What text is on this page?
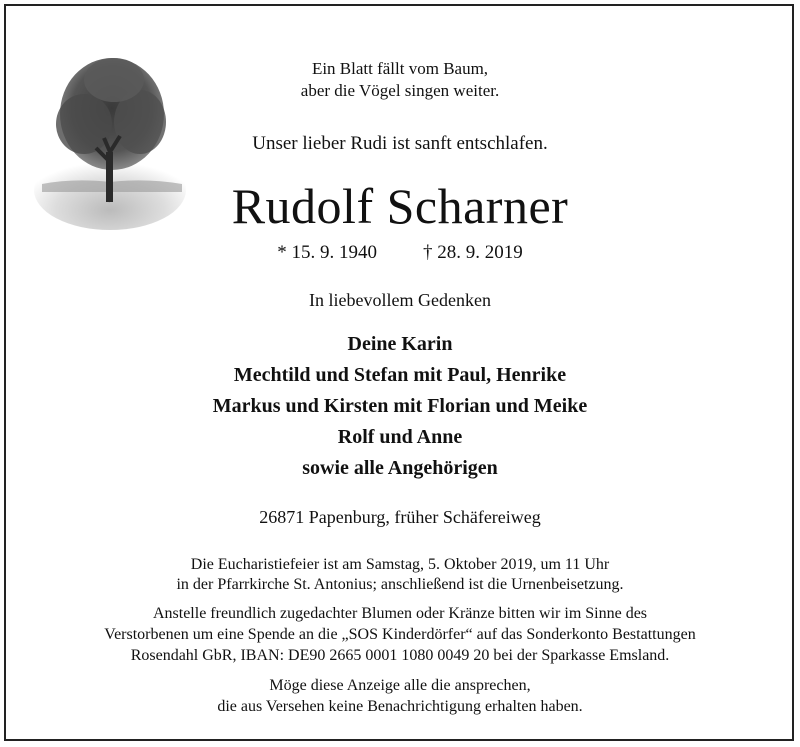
Ein Blatt fällt vom Baum,
aber die Vögel singen weiter.
Unser lieber Rudi ist sanft entschlafen.
Rudolf Scharner
* 15. 9. 1940 † 28. 9. 2019
In liebevollem Gedenken
Deine Karin
Mechtild und Stefan mit Paul, Henrike
Markus und Kirsten mit Florian und Meike
Rolf und Anne
sowie alle Angehörigen
26871 Papenburg, früher Schäfereiweg
Die Eucharistiefeier ist am Samstag, 5. Oktober 2019, um 11 Uhr
in der Pfarrkirche St. Antonius; anschließend ist die Urnenbeisetzung.
Anstelle freundlich zugedachter Blumen oder Kränze bitten wir im Sinne des
Verstorbenen um eine Spende an die „SOS Kinderdörfer“ auf das Sonderkonto Bestattungen
Rosendahl GbR, IBAN: DE90 2665 0001 1080 0049 20 bei der Sparkasse Emsland.
Möge diese Anzeige alle die ansprechen,
die aus Versehen keine Benachrichtigung erhalten haben.
